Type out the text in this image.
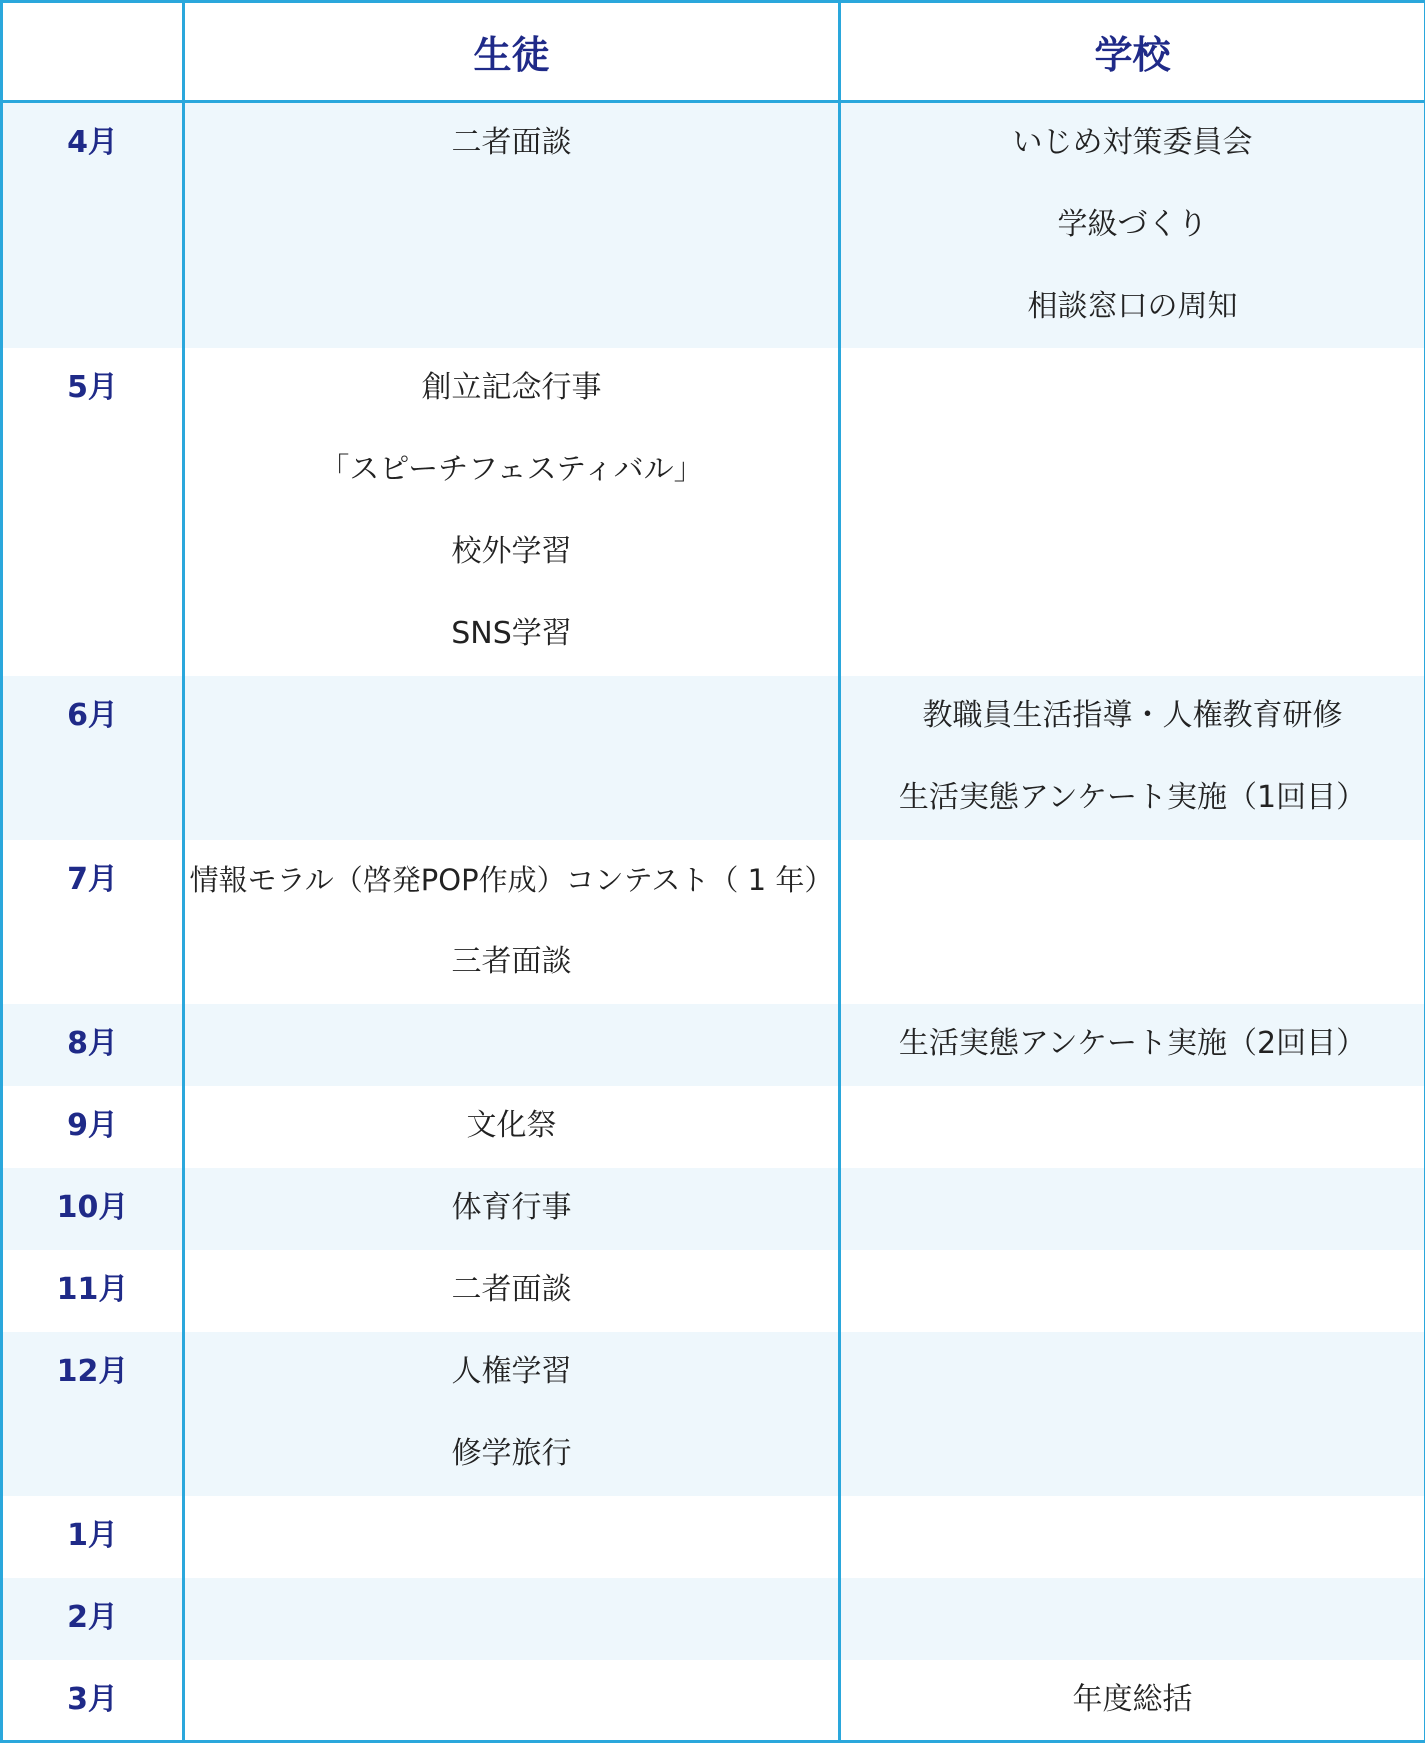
	生徒	学校
4月	二者面談	いじめ対策委員会
学級づくり
相談窓口の周知

5月	創立記念行事
「スピーチフェスティバル」
校外学習
SNS学習	

6月		教職員生活指導・人権教育研修
生活実態アンケート実施（1回目）

7月	情報モラル（啓発POP作成）コンテスト（ 1 年）
三者面談	

8月		生活実態アンケート実施（2回目）

9月	文化祭	

10月	体育行事	

11月	二者面談	

12月	人権学習
修学旅行	

1月		
2月		
3月		年度総括
